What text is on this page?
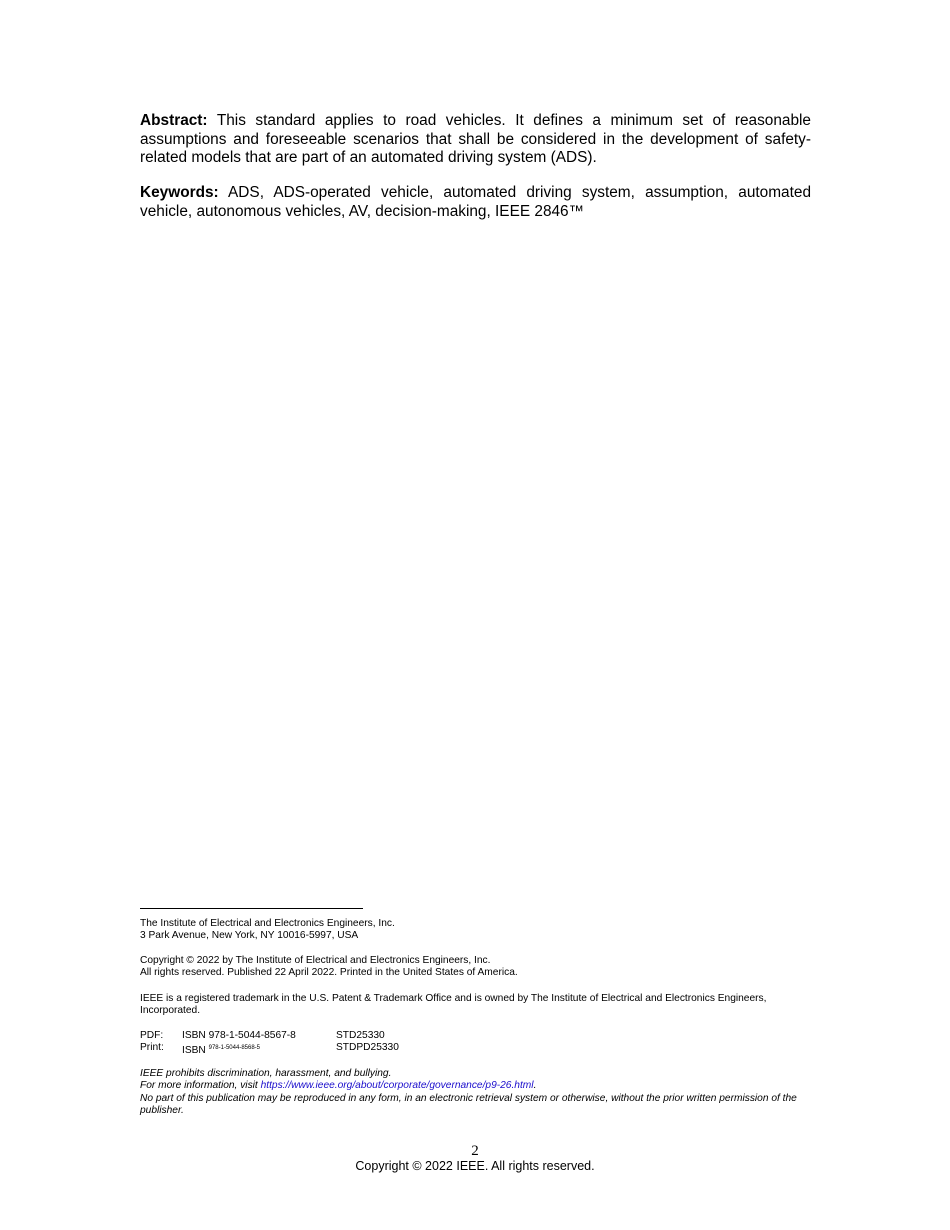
Abstract: This standard applies to road vehicles. It defines a minimum set of reasonable assumptions and foreseeable scenarios that shall be considered in the development of safety-related models that are part of an automated driving system (ADS).

Keywords: ADS, ADS-operated vehicle, automated driving system, assumption, automated vehicle, autonomous vehicles, AV, decision-making, IEEE 2846™

The Institute of Electrical and Electronics Engineers, Inc.

3 Park Avenue, New York, NY 10016-5997, USA

Copyright © 2022 by The Institute of Electrical and Electronics Engineers, Inc.

All rights reserved. Published 22 April 2022. Printed in the United States of America.

IEEE is a registered trademark in the U.S. Patent & Trademark Office and is owned by The Institute of Electrical and Electronics Engineers, Incorporated.

PDF:	ISBN 978-1-5044-8567-8	STD25330
Print:	ISBN $^{978-1-5044-8568-5}$	STDPD25330

IEEE prohibits discrimination, harassment, and bullying.

For more information, visit https://www.ieee.org/about/corporate/governance/p9-26.html.

No part of this publication may be reproduced in any form, in an electronic retrieval system or otherwise, without the prior written permission of the publisher.

2
Copyright © 2022 IEEE. All rights reserved.
